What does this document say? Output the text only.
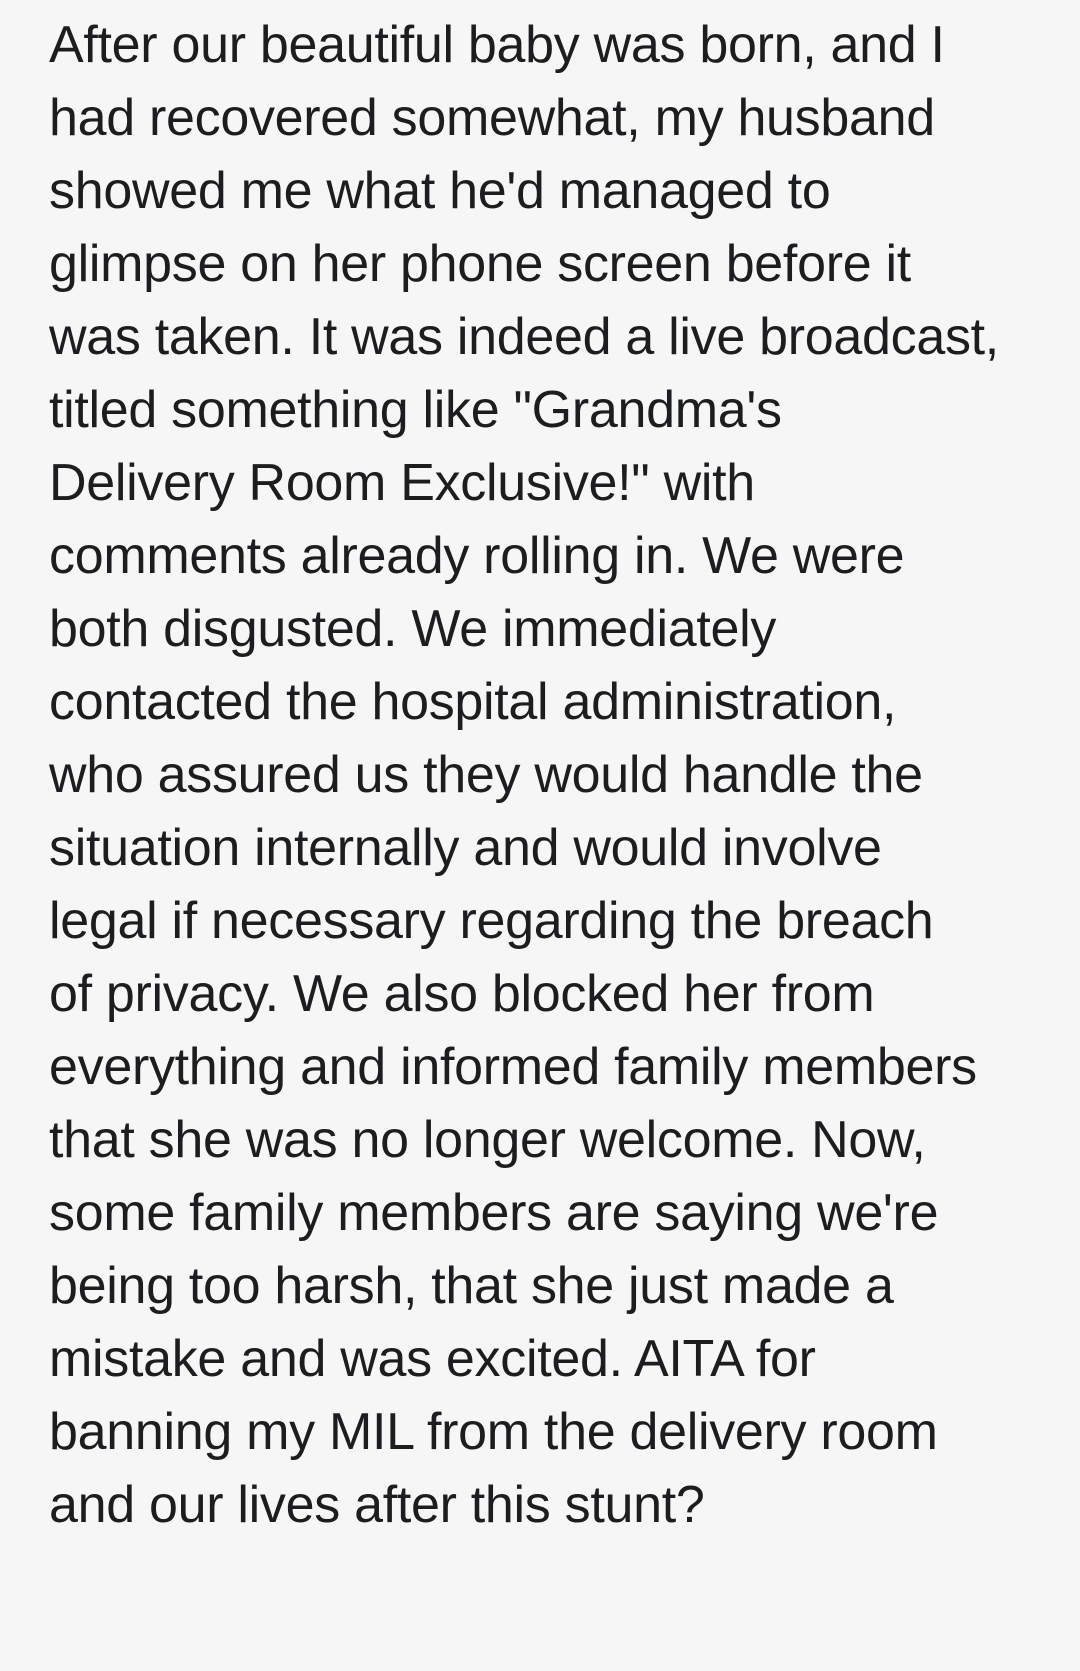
After our beautiful baby was born, and I
had recovered somewhat, my husband
showed me what he'd managed to
glimpse on her phone screen before it
was taken. It was indeed a live broadcast,
titled something like "Grandma's
Delivery Room Exclusive!" with
comments already rolling in. We were
both disgusted. We immediately
contacted the hospital administration,
who assured us they would handle the
situation internally and would involve
legal if necessary regarding the breach
of privacy. We also blocked her from
everything and informed family members
that she was no longer welcome. Now,
some family members are saying we're
being too harsh, that she just made a
mistake and was excited. AITA for
banning my MIL from the delivery room
and our lives after this stunt?
